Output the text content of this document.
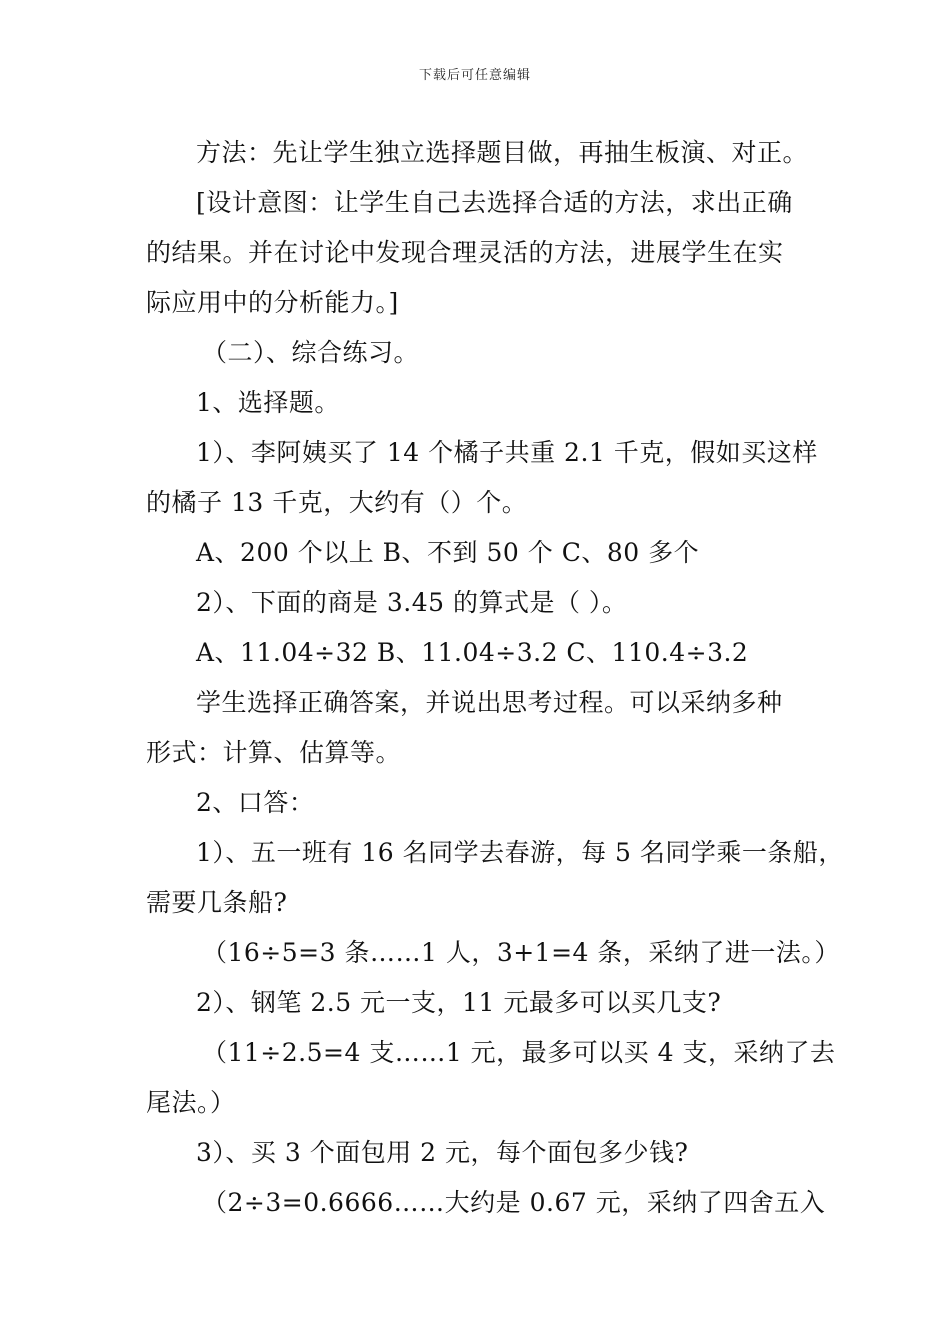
下载后可任意编辑
方法：先让学生独立选择题目做，再抽生板演、对正。
[设计意图：让学生自己去选择合适的方法，求出正确
的结果。并在讨论中发现合理灵活的方法，进展学生在实
际应用中的分析能力。]
（二）、综合练习。
1、选择题。
1）、李阿姨买了 14 个橘子共重 2.1 千克，假如买这样
的橘子 13 千克，大约有（）个。
A、200 个以上 B、不到 50 个 C、80 多个
2）、下面的商是 3.45 的算式是（ ）。
A、11.04÷32 B、11.04÷3.2 C、110.4÷3.2
学生选择正确答案，并说出思考过程。可以采纳多种
形式：计算、估算等。
2、口答：
1）、五一班有 16 名同学去春游，每 5 名同学乘一条船，
需要几条船?
（16÷5=3 条……1 人，3+1=4 条，采纳了进一法。）
2）、钢笔 2.5 元一支，11 元最多可以买几支?
（11÷2.5=4 支……1 元，最多可以买 4 支，采纳了去
尾法。）
3）、买 3 个面包用 2 元，每个面包多少钱?
（2÷3=0.6666……大约是 0.67 元，采纳了四舍五入
